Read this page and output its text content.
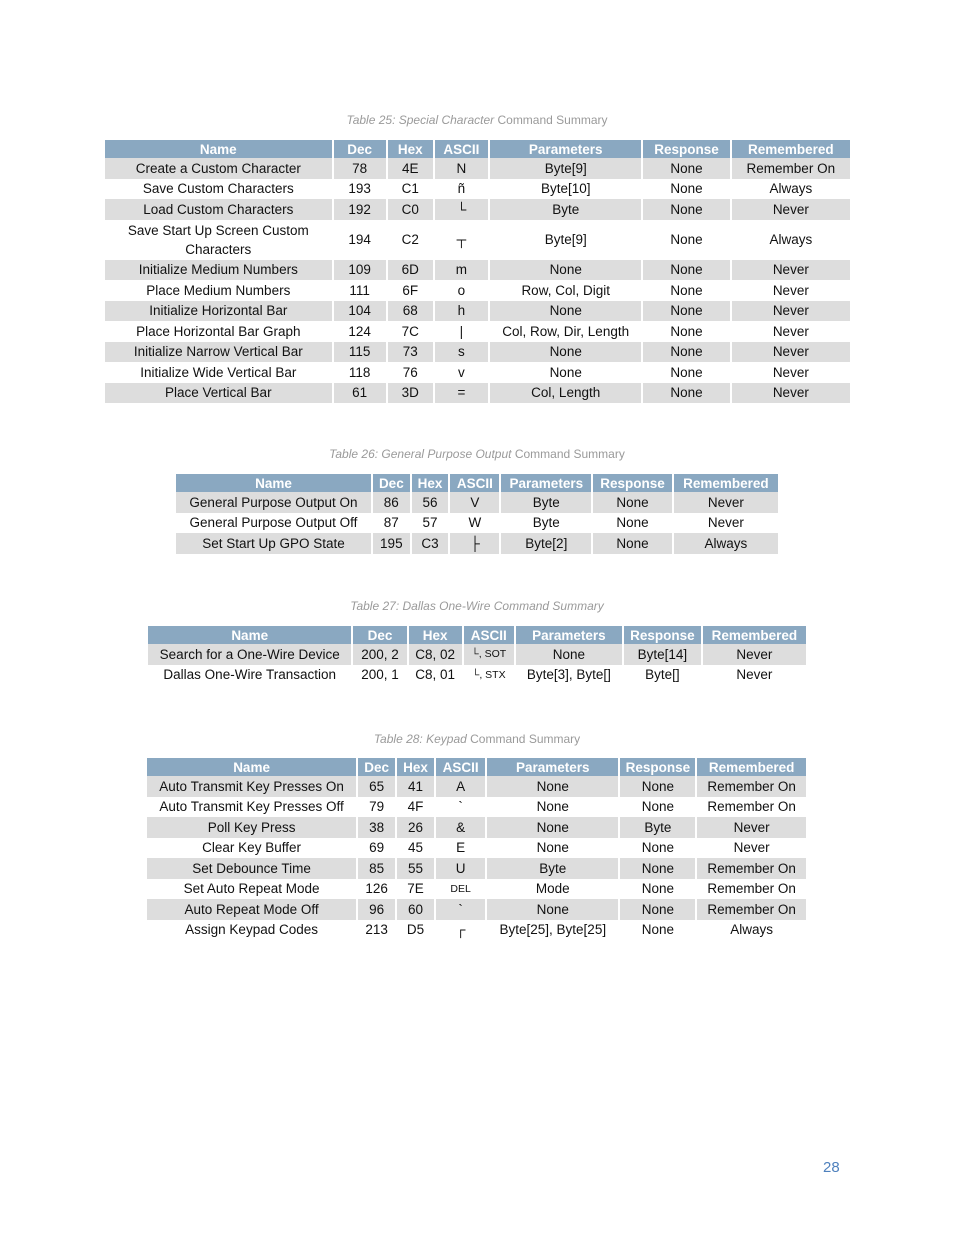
Table 25: Special Character Command Summary
Name	Dec	Hex	ASCII	Parameters	Response	Remembered
Create a Custom Character	78	4E	N	Byte[9]	None	Remember On
Save Custom Characters	193	C1	ñ	Byte[10]	None	Always
Load Custom Characters	192	C0	└	Byte	None	Never
Save Start Up Screen Custom Characters	194	C2	┬	Byte[9]	None	Always
Initialize Medium Numbers	109	6D	m	None	None	Never
Place Medium Numbers	111	6F	o	Row, Col, Digit	None	Never
Initialize Horizontal Bar	104	68	h	None	None	Never
Place Horizontal Bar Graph	124	7C	|	Col, Row, Dir, Length	None	Never
Initialize Narrow Vertical Bar	115	73	s	None	None	Never
Initialize Wide Vertical Bar	118	76	v	None	None	Never
Place Vertical Bar	61	3D	=	Col, Length	None	Never
Table 26: General Purpose Output Command Summary
Name	Dec	Hex	ASCII	Parameters	Response	Remembered
General Purpose Output On	86	56	V	Byte	None	Never
General Purpose Output Off	87	57	W	Byte	None	Never
Set Start Up GPO State	195	C3	├	Byte[2]	None	Always
Table 27: Dallas One-Wire Command Summary
Name	Dec	Hex	ASCII	Parameters	Response	Remembered
Search for a One-Wire Device	200, 2	C8, 02	└, SOT	None	Byte[14]	Never
Dallas One-Wire Transaction	200, 1	C8, 01	└, STX	Byte[3], Byte[]	Byte[]	Never
Table 28: Keypad Command Summary
Name	Dec	Hex	ASCII	Parameters	Response	Remembered
Auto Transmit Key Presses On	65	41	A	None	None	Remember On
Auto Transmit Key Presses Off	79	4F	`	None	None	Remember On
Poll Key Press	38	26	&	None	Byte	Never
Clear Key Buffer	69	45	E	None	None	Never
Set Debounce Time	85	55	U	Byte	None	Remember On
Set Auto Repeat Mode	126	7E	DEL	Mode	None	Remember On
Auto Repeat Mode Off	96	60	`	None	None	Remember On
Assign Keypad Codes	213	D5	┌	Byte[25], Byte[25]	None	Always
28
